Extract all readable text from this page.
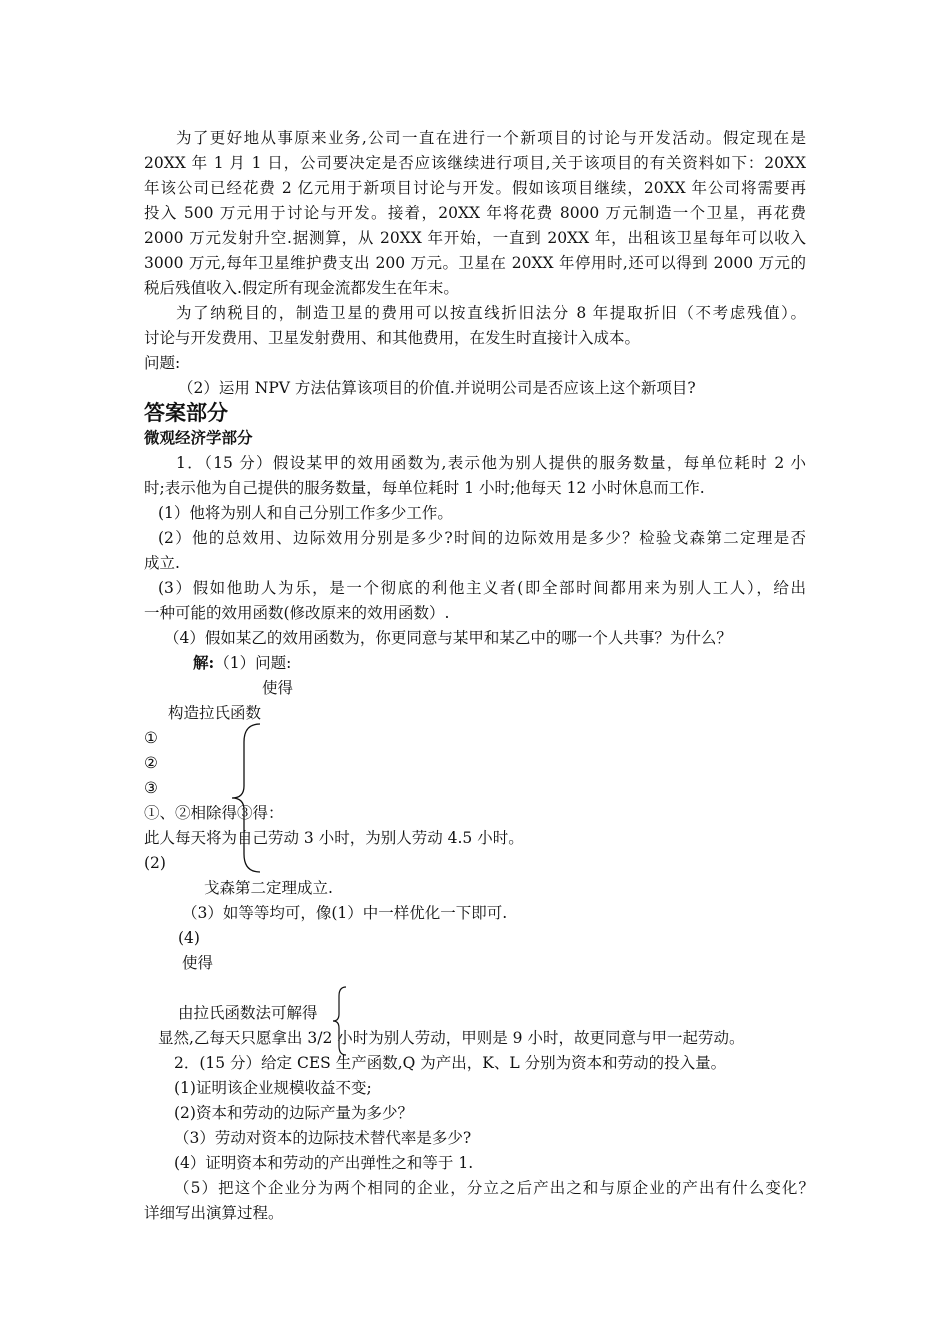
为了更好地从事原来业务,公司一直在进行一个新项目的讨论与开发活动。假定现在是
20XX 年 1 月 1 日，公司要决定是否应该继续进行项目,关于该项目的有关资料如下：20XX
年该公司已经花费 2 亿元用于新项目讨论与开发。假如该项目继续，20XX 年公司将需要再
投入 500 万元用于讨论与开发。接着，20XX 年将花费 8000 万元制造一个卫星，再花费
2000 万元发射升空.据测算，从 20XX 年开始，一直到 20XX 年，出租该卫星每年可以收入
3000 万元,每年卫星维护费支出 200 万元。卫星在 20XX 年停用时,还可以得到 2000 万元的
税后残值收入.假定所有现金流都发生在年末。
为了纳税目的，制造卫星的费用可以按直线折旧法分 8 年提取折旧（不考虑残值）。
讨论与开发费用、卫星发射费用、和其他费用，在发生时直接计入成本。
问题:
（2）运用 NPV 方法估算该项目的价值.并说明公司是否应该上这个新项目?
答案部分
微观经济学部分
1．（15 分）假设某甲的效用函数为,表示他为别人提供的服务数量，每单位耗时 2 小
时;表示他为自己提供的服务数量，每单位耗时 1 小时;他每天 12 小时休息而工作.
(1）他将为别人和自己分别工作多少工作。
(2）他的总效用、边际效用分别是多少?时间的边际效用是多少？检验戈森第二定理是否
成立.
(3）假如他助人为乐，是一个彻底的利他主义者(即全部时间都用来为别人工人），给出
一种可能的效用函数(修改原来的效用函数）.
（4）假如某乙的效用函数为，你更同意与某甲和某乙中的哪一个人共事？为什么？
解:（1）问题:
使得
构造拉氏函数
①
②
③
①、②相除得③得：
此人每天将为自己劳动 3 小时，为别人劳动 4.5 小时。
(2)
戈森第二定理成立.
（3）如等等均可，像(1）中一样优化一下即可.
(4)
使得
由拉氏函数法可解得
显然,乙每天只愿拿出 3/2 小时为别人劳动，甲则是 9 小时，故更同意与甲一起劳动。
2．(15 分）给定 CES 生产函数,Q 为产出，K、L 分别为资本和劳动的投入量。
(1)证明该企业规模收益不变;
(2)资本和劳动的边际产量为多少？
（3）劳动对资本的边际技术替代率是多少?
(4）证明资本和劳动的产出弹性之和等于 1.
（5）把这个企业分为两个相同的企业，分立之后产出之和与原企业的产出有什么变化？
详细写出演算过程。
